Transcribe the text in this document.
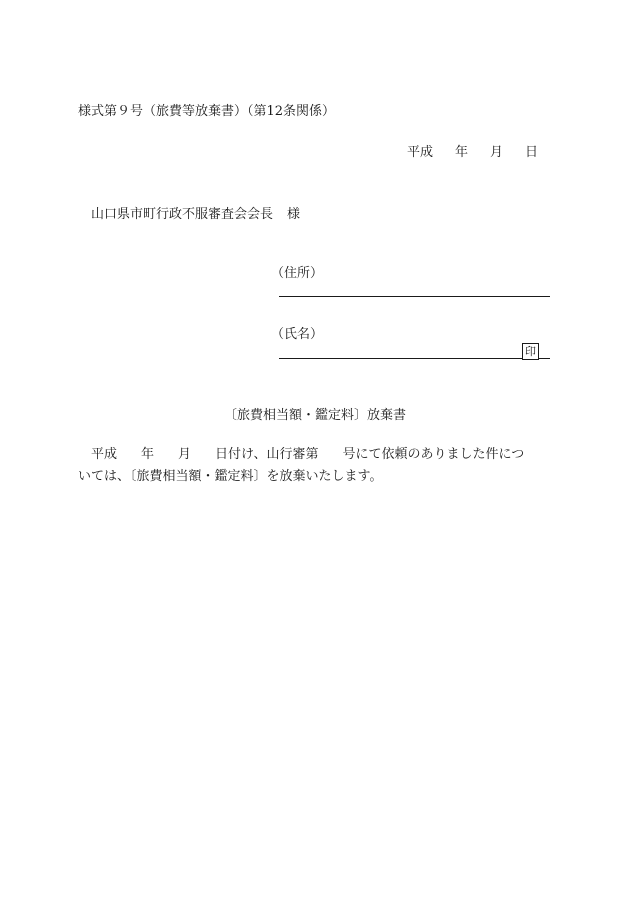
様式第９号（旅費等放棄書）（第12条関係）
平成 年 月 日
山口県市町行政不服審査会会長 様
（住所）
（氏名）
印
〔旅費相当額・鑑定料〕放棄書
平成 年 月 日付け、山行審第 号にて依頼のありました件につ
いては、〔旅費相当額・鑑定料〕を放棄いたします。
